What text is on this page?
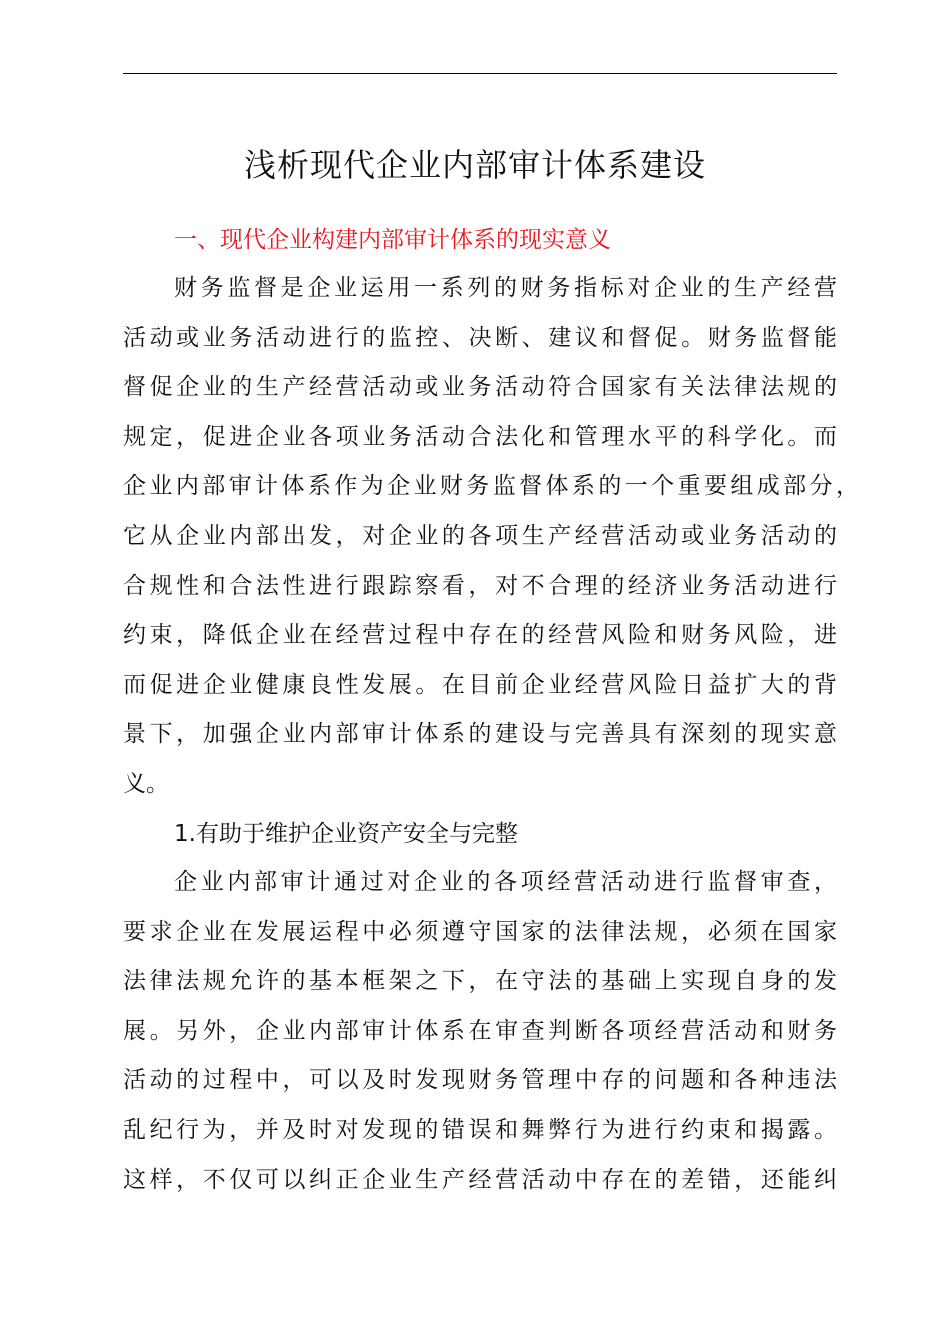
浅析现代企业内部审计体系建设
一、现代企业构建内部审计体系的现实意义
财务监督是企业运用一系列的财务指标对企业的生产经营
活动或业务活动进行的监控、决断、建议和督促。财务监督能
督促企业的生产经营活动或业务活动符合国家有关法律法规的
规定，促进企业各项业务活动合法化和管理水平的科学化。而
企业内部审计体系作为企业财务监督体系的一个重要组成部分，
它从企业内部出发，对企业的各项生产经营活动或业务活动的
合规性和合法性进行跟踪察看，对不合理的经济业务活动进行
约束，降低企业在经营过程中存在的经营风险和财务风险，进
而促进企业健康良性发展。在目前企业经营风险日益扩大的背
景下，加强企业内部审计体系的建设与完善具有深刻的现实意
义。
1.有助于维护企业资产安全与完整
企业内部审计通过对企业的各项经营活动进行监督审查，
要求企业在发展运程中必须遵守国家的法律法规，必须在国家
法律法规允许的基本框架之下，在守法的基础上实现自身的发
展。另外，企业内部审计体系在审查判断各项经营活动和财务
活动的过程中，可以及时发现财务管理中存的问题和各种违法
乱纪行为，并及时对发现的错误和舞弊行为进行约束和揭露。
这样，不仅可以纠正企业生产经营活动中存在的差错，还能纠
